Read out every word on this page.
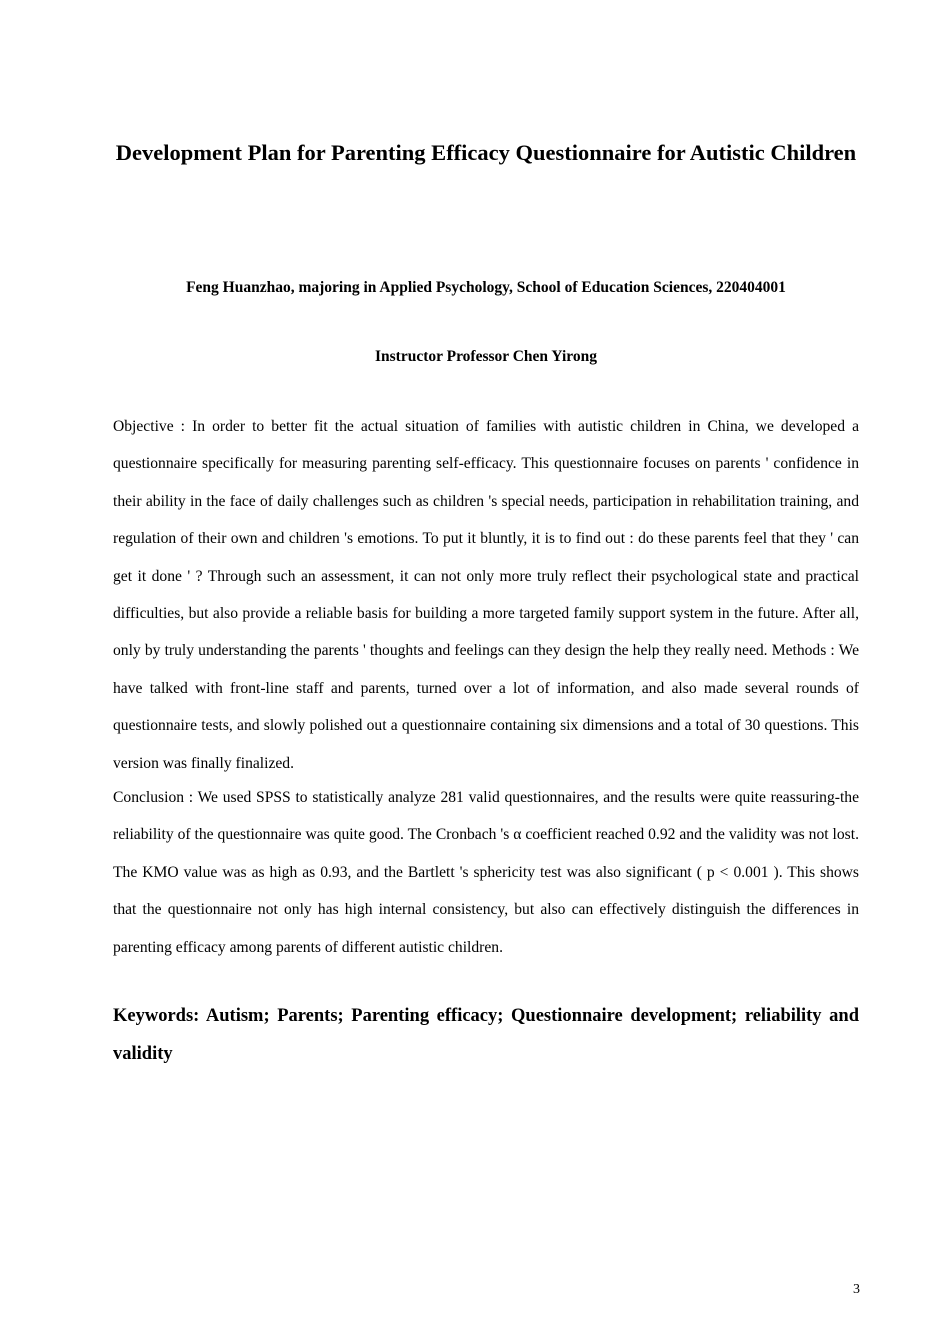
Development Plan for Parenting Efficacy Questionnaire for Autistic Children

Feng Huanzhao, majoring in Applied Psychology, School of Education Sciences, 220404001

Instructor Professor Chen Yirong

Objective : In order to better fit the actual situation of families with autistic children in China, we developed a questionnaire specifically for measuring parenting self-efficacy. This questionnaire focuses on parents ' confidence in their ability in the face of daily challenges such as children 's special needs, participation in rehabilitation training, and regulation of their own and children 's emotions. To put it bluntly, it is to find out : do these parents feel that they ' can get it done ' ? Through such an assessment, it can not only more truly reflect their psychological state and practical difficulties, but also provide a reliable basis for building a more targeted family support system in the future. After all, only by truly understanding the parents ' thoughts and feelings can they design the help they really need. Methods : We have talked with front-line staff and parents, turned over a lot of information, and also made several rounds of questionnaire tests, and slowly polished out a questionnaire containing six dimensions and a total of 30 questions. This version was finally finalized.

Conclusion : We used SPSS to statistically analyze 281 valid questionnaires, and the results were quite reassuring-the reliability of the questionnaire was quite good. The Cronbach 's α coefficient reached 0.92 and the validity was not lost. The KMO value was as high as 0.93, and the Bartlett 's sphericity test was also significant ( p < 0.001 ). This shows that the questionnaire not only has high internal consistency, but also can effectively distinguish the differences in parenting efficacy among parents of different autistic children.

Keywords: Autism; Parents; Parenting efficacy; Questionnaire development; reliability and validity

3
